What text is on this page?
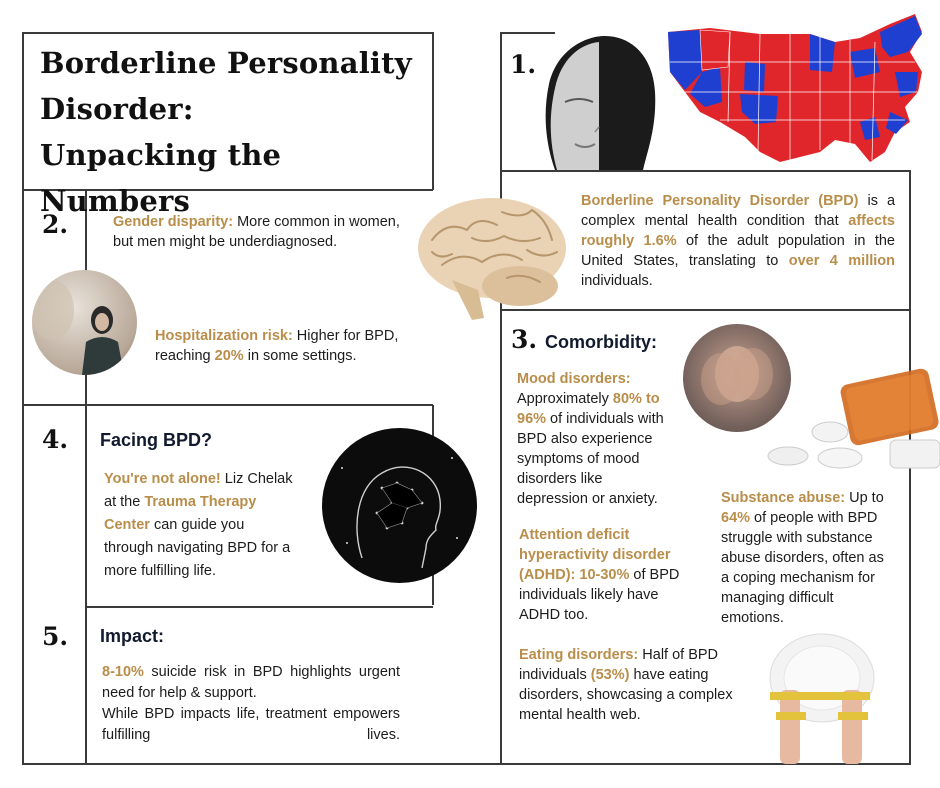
Borderline Personality
Disorder:
Unpacking the Numbers
1.
Borderline Personality Disorder (BPD) is a complex mental health condition that affects roughly 1.6% of the adult population in the United States, translating to over 4 million individuals.
2.	Gender disparity: More common in women, but men might be underdiagnosed.
Hospitalization risk: Higher for BPD, reaching 20% in some settings.
3. Comorbidity:
Mood disorders:
Approximately 80% to 96% of individuals with BPD also experience symptoms of mood disorders like depression or anxiety.
Attention deficit hyperactivity disorder (ADHD): 10-30% of BPD individuals likely have ADHD too.
Substance abuse: Up to 64% of people with BPD struggle with substance abuse disorders, often as a coping mechanism for managing difficult emotions.
Eating disorders: Half of BPD individuals (53%) have eating disorders, showcasing a complex mental health web.
4. Facing BPD?
You're not alone! Liz Chelak at the Trauma Therapy Center can guide you through navigating BPD for a more fulfilling life.
5. Impact:
8-10% suicide risk in BPD highlights urgent need for help & support.
While BPD impacts life, treatment empowers fulfilling lives.
